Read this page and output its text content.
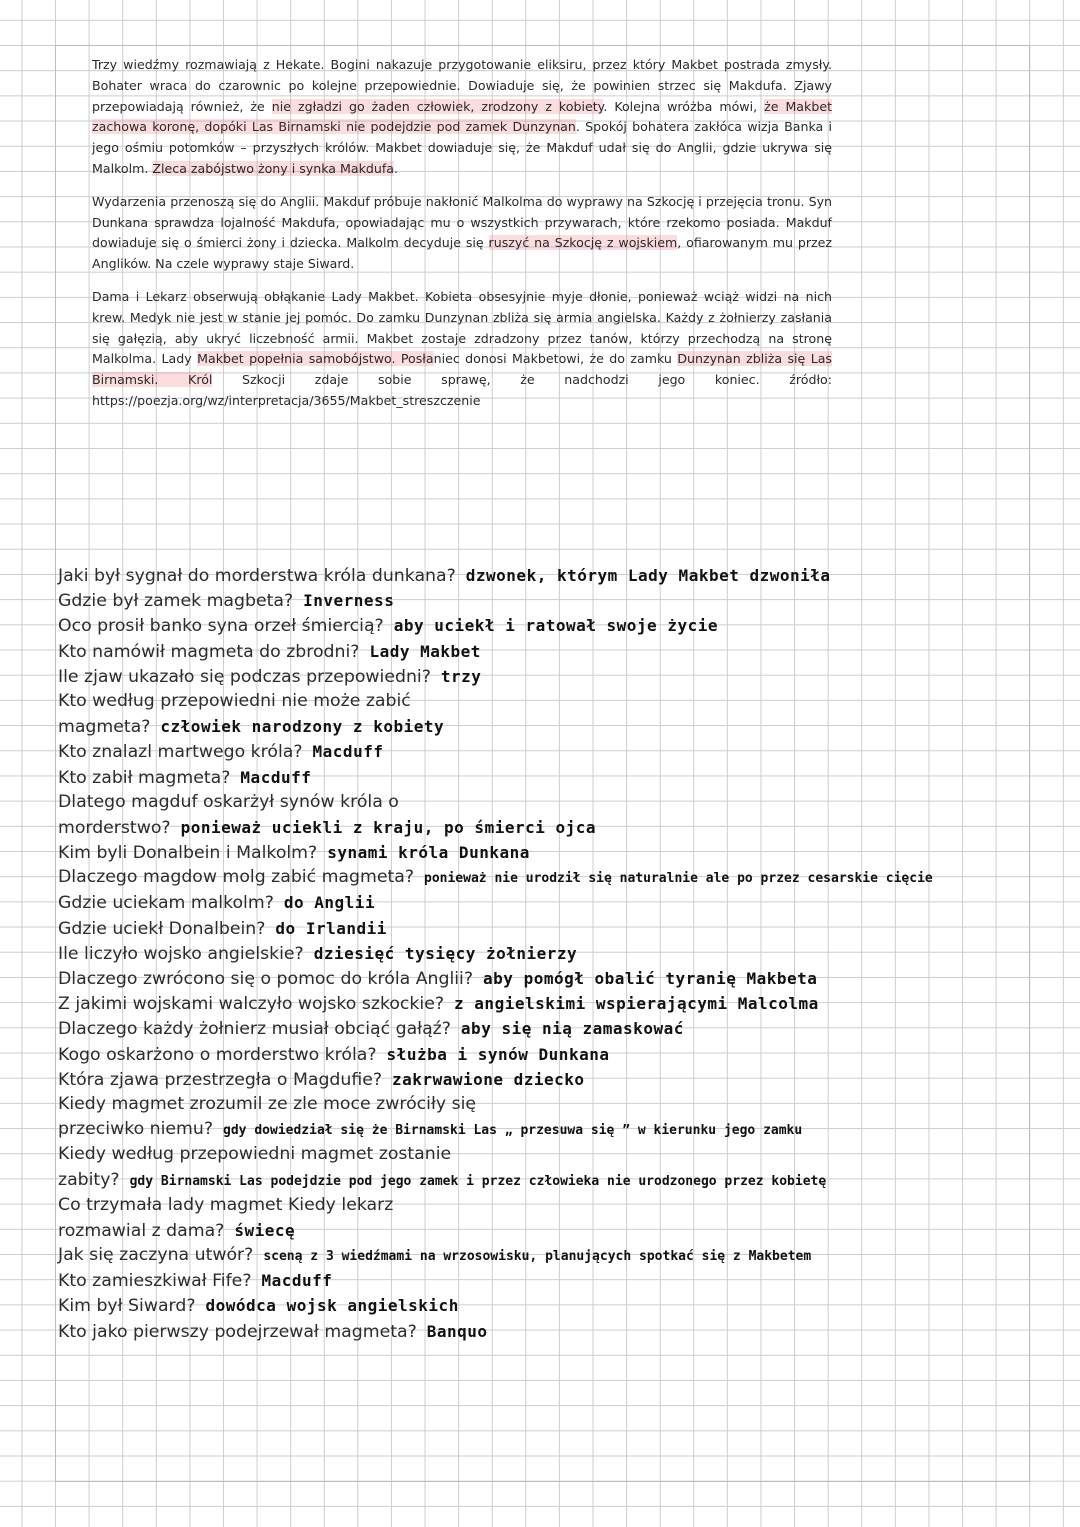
Trzy wiedźmy rozmawiają z Hekate. Bogini nakazuje przygotowanie eliksiru, przez który Makbet postrada zmysły. Bohater wraca do czarownic po kolejne przepowiednie. Dowiaduje się, że powinien strzec się Makdufa. Zjawy przepowiadają również, że nie zgładzi go żaden człowiek, zrodzony z kobiety. Kolejna wróżba mówi, że Makbet zachowa koronę, dopóki Las Birnamski nie podejdzie pod zamek Dunzynan. Spokój bohatera zakłóca wizja Banka i jego ośmiu potomków – przyszłych królów. Makbet dowiaduje się, że Makduf udał się do Anglii, gdzie ukrywa się Malkolm. Zleca zabójstwo żony i synka Makdufa.

Wydarzenia przenoszą się do Anglii. Makduf próbuje nakłonić Malkolma do wyprawy na Szkocję i przejęcia tronu. Syn Dunkana sprawdza lojalność Makdufa, opowiadając mu o wszystkich przywarach, które rzekomo posiada. Makduf dowiaduje się o śmierci żony i dziecka. Malkolm decyduje się ruszyć na Szkocję z wojskiem, ofiarowanym mu przez Anglików. Na czele wyprawy staje Siward.

Dama i Lekarz obserwują obłąkanie Lady Makbet. Kobieta obsesyjnie myje dłonie, ponieważ wciąż widzi na nich krew. Medyk nie jest w stanie jej pomóc. Do zamku Dunzynan zbliża się armia angielska. Każdy z żołnierzy zasłania się gałęzią, aby ukryć liczebność armii. Makbet zostaje zdradzony przez tanów, którzy przechodzą na stronę Malkolma. Lady Makbet popełnia samobójstwo. Posłaniec donosi Makbetowi, że do zamku Dunzynan zbliża się Las Birnamski. Król Szkocji zdaje sobie sprawę, że nadchodzi jego koniec. źródło: https://poezja.org/wz/interpretacja/3655/Makbet_streszczenie

Jaki był sygnał do morderstwa króla dunkana? dzwonek, którym Lady Makbet dzwoniła
Gdzie był zamek magbeta? Inverness
Oco prosił banko syna orzeł śmiercią? aby uciekł i ratował swoje życie
Kto namówił magmeta do zbrodni? Lady Makbet
Ile zjaw ukazało się podczas przepowiedni? trzy
Kto według przepowiedni nie może zabić
magmeta? człowiek narodzony z kobiety
Kto znalazl martwego króla? Macduff
Kto zabił magmeta? Macduff
Dlatego magduf oskarżył synów króla o
morderstwo? ponieważ uciekli z kraju, po śmierci ojca
Kim byli Donalbein i Malkolm? synami króla Dunkana
Dlaczego magdow molg zabić magmeta? ponieważ nie urodził się naturalnie ale po przez cesarskie cięcie
Gdzie uciekam malkolm? do Anglii
Gdzie uciekł Donalbein? do Irlandii
Ile liczyło wojsko angielskie? dziesięć tysięcy żołnierzy
Dlaczego zwrócono się o pomoc do króla Anglii? aby pomógł obalić tyranię Makbeta
Z jakimi wojskami walczyło wojsko szkockie? z angielskimi wspierającymi Malcolma
Dlaczego każdy żołnierz musiał obciąć gałąź? aby się nią zamaskować
Kogo oskarżono o morderstwo króla? służba i synów Dunkana
Która zjawa przestrzegła o Magdufie? zakrwawione dziecko
Kiedy magmet zrozumil ze zle moce zwróciły się
przeciwko niemu? gdy dowiedział się że Birnamski Las „ przesuwa się ” w kierunku jego zamku
Kiedy według przepowiedni magmet zostanie
zabity? gdy Birnamski Las podejdzie pod jego zamek i przez człowieka nie urodzonego przez kobietę
Co trzymała lady magmet Kiedy lekarz
rozmawial z dama? świecę
Jak się zaczyna utwór? sceną z 3 wiedźmami na wrzosowisku, planujących spotkać się z Makbetem
Kto zamieszkiwał Fife? Macduff
Kim był Siward? dowódca wojsk angielskich
Kto jako pierwszy podejrzewał magmeta? Banquo
